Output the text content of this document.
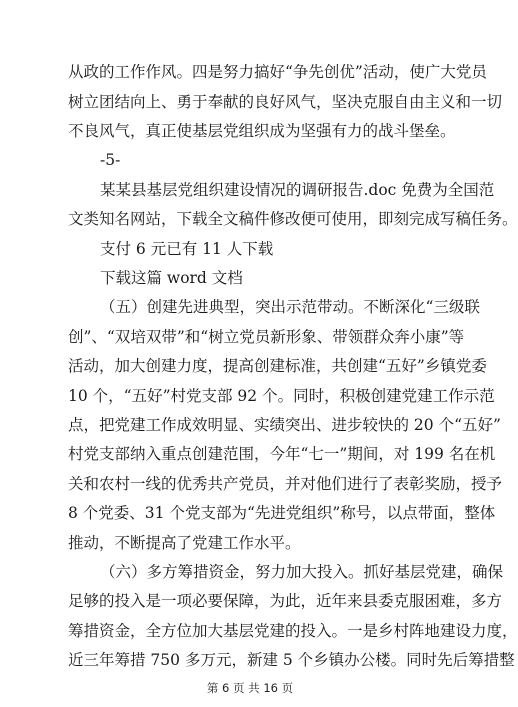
从政的工作作风。四是努力搞好“争先创优”活动，使广大党员
树立团结向上、勇于奉献的良好风气，坚决克服自由主义和一切
不良风气，真正使基层党组织成为坚强有力的战斗堡垒。
-5-
某某县基层党组织建设情况的调研报告.doc 免费为全国范
文类知名网站，下载全文稿件修改便可使用，即刻完成写稿任务。
支付 6 元已有 11 人下载
下载这篇 word 文档
（五）创建先进典型，突出示范带动。不断深化“三级联
创”、“双培双带”和“树立党员新形象、带领群众奔小康”等
活动，加大创建力度，提高创建标准，共创建“五好”乡镇党委
10 个，“五好”村党支部 92 个。同时，积极创建党建工作示范
点，把党建工作成效明显、实绩突出、进步较快的 20 个“五好”
村党支部纳入重点创建范围，今年“七一”期间，对 199 名在机
关和农村一线的优秀共产党员，并对他们进行了表彰奖励，授予
8 个党委、31 个党支部为“先进党组织”称号，以点带面，整体
推动，不断提高了党建工作水平。
（六）多方筹措资金，努力加大投入。抓好基层党建，确保
足够的投入是一项必要保障，为此，近年来县委克服困难，多方
筹措资金，全方位加大基层党建的投入。一是乡村阵地建设力度，
近三年筹措 750 多万元，新建 5 个乡镇办公楼。同时先后筹措整
第 6 页 共 16 页
